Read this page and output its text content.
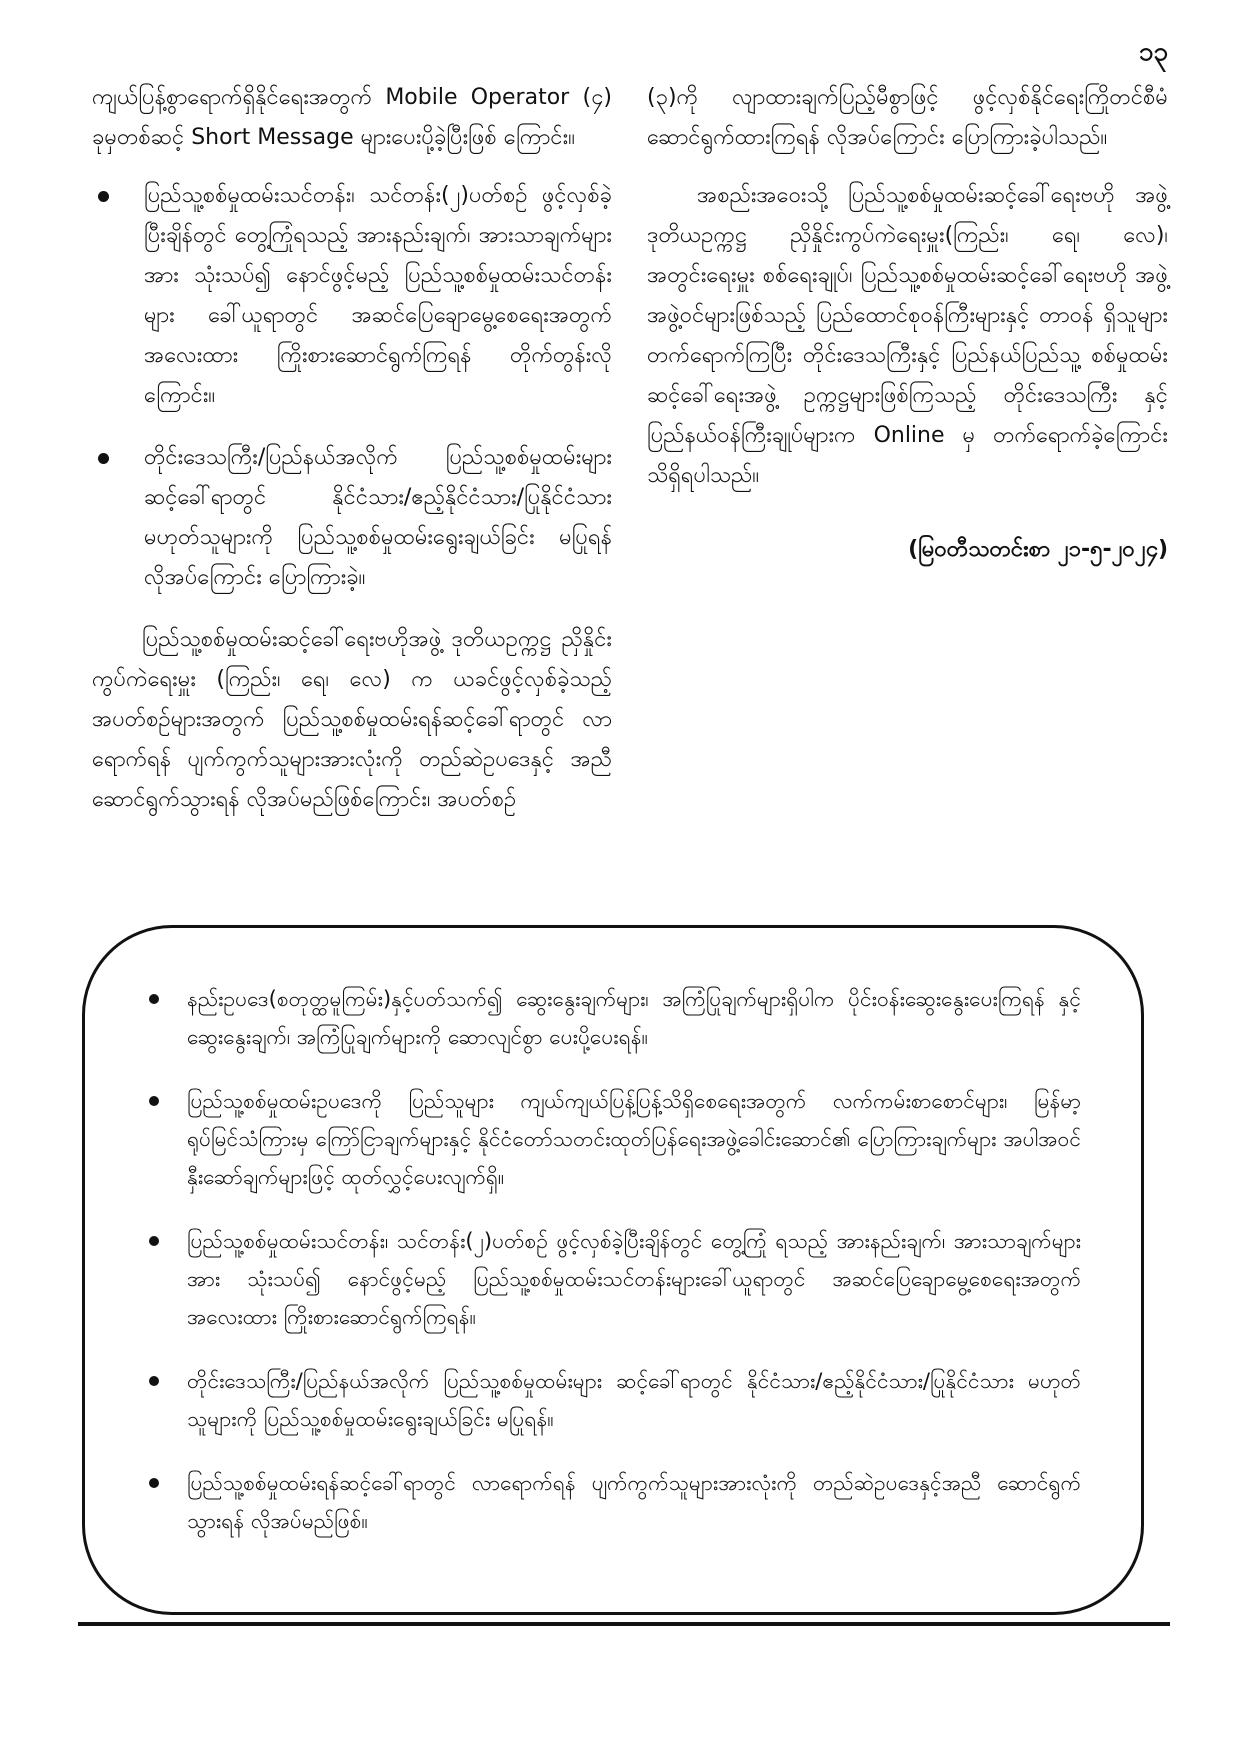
၁၃

ကျယ်ပြန့်စွာရောက်ရှိနိုင်ရေးအတွက် Mobile Operator (၄) ခုမှတစ်ဆင့် Short Message များပေးပို့ခဲ့ပြီးဖြစ် ကြောင်း။

ပြည်သူ့စစ်မှုထမ်းသင်တန်း၊ သင်တန်း(၂)ပတ်စဉ် ဖွင့်လှစ်ခဲ့ ပြီးချိန်တွင် တွေ့ကြုံရသည့် အားနည်းချက်၊ အားသာချက်များအား သုံးသပ်၍ နောင်ဖွင့်မည့် ပြည်သူ့စစ်မှုထမ်းသင်တန်းများ ခေါ်ယူရာတွင် အဆင်ပြေချောမွေ့စေရေးအတွက် အလေးထား ကြိုးစားဆောင်ရွက်ကြရန် တိုက်တွန်းလိုကြောင်း။
တိုင်းဒေသကြီး/ပြည်နယ်အလိုက် ပြည်သူ့စစ်မှုထမ်းများ ဆင့်ခေါ်ရာတွင် နိုင်ငံသား/ဧည့်နိုင်ငံသား/ပြုနိုင်ငံသား မဟုတ်သူများကို ပြည်သူ့စစ်မှုထမ်းရွေးချယ်ခြင်း မပြုရန် လိုအပ်ကြောင်း ပြောကြားခဲ့။

ပြည်သူ့စစ်မှုထမ်းဆင့်ခေါ်ရေးဗဟိုအဖွဲ့ ဒုတိယဥက္ကဋ္ဌ ညှိနှိုင်းကွပ်ကဲရေးမှူး (ကြည်း၊ ရေ၊ လေ) က ယခင်ဖွင့်လှစ်ခဲ့သည့် အပတ်စဉ်များအတွက် ပြည်သူ့စစ်မှုထမ်းရန်ဆင့်ခေါ်ရာတွင် လာရောက်ရန် ပျက်ကွက်သူများအားလုံးကို တည်ဆဲဥပဒေနှင့် အညီ ဆောင်ရွက်သွားရန် လိုအပ်မည်ဖြစ်ကြောင်း၊ အပတ်စဉ်

(၃)ကို လျာထားချက်ပြည့်မီစွာဖြင့် ဖွင့်လှစ်နိုင်ရေးကြိုတင်စီမံ ဆောင်ရွက်ထားကြရန် လိုအပ်ကြောင်း ပြောကြားခဲ့ပါသည်။

အစည်းအဝေးသို့ ပြည်သူ့စစ်မှုထမ်းဆင့်ခေါ်ရေးဗဟို အဖွဲ့ ဒုတိယဥက္ကဋ္ဌ ညှိနှိုင်းကွပ်ကဲရေးမှူး(ကြည်း၊ ရေ၊ လေ)၊ အတွင်းရေးမှူး စစ်ရေးချုပ်၊ ပြည်သူ့စစ်မှုထမ်းဆင့်ခေါ်ရေးဗဟို အဖွဲ့ အဖွဲ့ဝင်များဖြစ်သည့် ပြည်ထောင်စုဝန်ကြီးများနှင့် တာဝန် ရှိသူများ တက်ရောက်ကြပြီး တိုင်းဒေသကြီးနှင့် ပြည်နယ်ပြည်သူ့ စစ်မှုထမ်းဆင့်ခေါ်ရေးအဖွဲ့ ဥက္ကဋ္ဌများဖြစ်ကြသည့် တိုင်းဒေသကြီး နှင့် ပြည်နယ်ဝန်ကြီးချုပ်များက Online မှ တက်ရောက်ခဲ့ကြောင်း သိရှိရပါသည်။

(မြဝတီသတင်းစာ ၂၁-၅-၂၀၂၄)

နည်းဥပဒေ(စတုတ္ထမူကြမ်း)နှင့်ပတ်သက်၍ ဆွေးနွေးချက်များ၊ အကြံပြုချက်များရှိပါက ပိုင်းဝန်းဆွေးနွေးပေးကြရန် နှင့် ဆွေးနွေးချက်၊ အကြံပြုချက်များကို ဆောလျင်စွာ ပေးပို့ပေးရန်။
ပြည်သူ့စစ်မှုထမ်းဥပဒေကို ပြည်သူများ ကျယ်ကျယ်ပြန့်ပြန့်သိရှိစေရေးအတွက် လက်ကမ်းစာစောင်များ၊ မြန်မာ့ ရုပ်မြင်သံကြားမှ ကြော်ငြာချက်များနှင့် နိုင်ငံတော်သတင်းထုတ်ပြန်ရေးအဖွဲ့ခေါင်းဆောင်၏ ပြောကြားချက်များ အပါအဝင် နှီးဆော်ချက်များဖြင့် ထုတ်လွှင့်ပေးလျက်ရှိ။
ပြည်သူ့စစ်မှုထမ်းသင်တန်း၊ သင်တန်း(၂)ပတ်စဉ် ဖွင့်လှစ်ခဲ့ပြီးချိန်တွင် တွေ့ကြုံ ရသည့် အားနည်းချက်၊ အားသာချက်များအား သုံးသပ်၍ နောင်ဖွင့်မည့် ပြည်သူ့စစ်မှုထမ်းသင်တန်းများခေါ်ယူရာတွင် အဆင်ပြေချောမွေ့စေရေးအတွက် အလေးထား ကြိုးစားဆောင်ရွက်ကြရန်။
တိုင်းဒေသကြီး/ပြည်နယ်အလိုက် ပြည်သူ့စစ်မှုထမ်းများ ဆင့်ခေါ်ရာတွင် နိုင်ငံသား/ဧည့်နိုင်ငံသား/ပြုနိုင်ငံသား မဟုတ်သူများကို ပြည်သူ့စစ်မှုထမ်းရွေးချယ်ခြင်း မပြုရန်။
ပြည်သူ့စစ်မှုထမ်းရန်ဆင့်ခေါ်ရာတွင် လာရောက်ရန် ပျက်ကွက်သူများအားလုံးကို တည်ဆဲဥပဒေနှင့်အညီ ဆောင်ရွက် သွားရန် လိုအပ်မည်ဖြစ်။
